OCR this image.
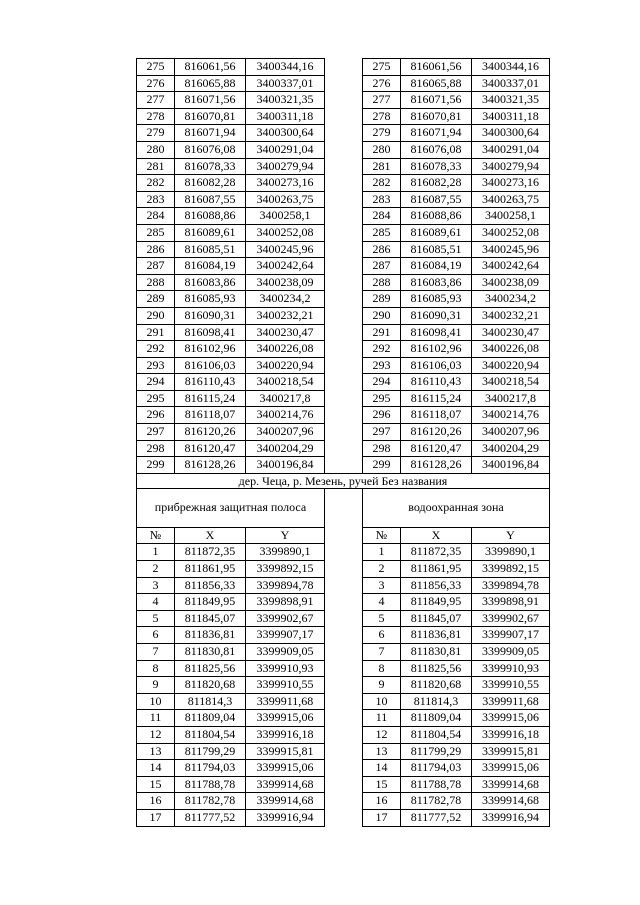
275	816061,56	3400344,16		275	816061,56	3400344,16
276	816065,88	3400337,01		276	816065,88	3400337,01
277	816071,56	3400321,35		277	816071,56	3400321,35
278	816070,81	3400311,18		278	816070,81	3400311,18
279	816071,94	3400300,64		279	816071,94	3400300,64
280	816076,08	3400291,04		280	816076,08	3400291,04
281	816078,33	3400279,94		281	816078,33	3400279,94
282	816082,28	3400273,16		282	816082,28	3400273,16
283	816087,55	3400263,75		283	816087,55	3400263,75
284	816088,86	3400258,1		284	816088,86	3400258,1
285	816089,61	3400252,08		285	816089,61	3400252,08
286	816085,51	3400245,96		286	816085,51	3400245,96
287	816084,19	3400242,64		287	816084,19	3400242,64
288	816083,86	3400238,09		288	816083,86	3400238,09
289	816085,93	3400234,2		289	816085,93	3400234,2
290	816090,31	3400232,21		290	816090,31	3400232,21
291	816098,41	3400230,47		291	816098,41	3400230,47
292	816102,96	3400226,08		292	816102,96	3400226,08
293	816106,03	3400220,94		293	816106,03	3400220,94
294	816110,43	3400218,54		294	816110,43	3400218,54
295	816115,24	3400217,8		295	816115,24	3400217,8
296	816118,07	3400214,76		296	816118,07	3400214,76
297	816120,26	3400207,96		297	816120,26	3400207,96
298	816120,47	3400204,29		298	816120,47	3400204,29
299	816128,26	3400196,84		299	816128,26	3400196,84
дер. Чеца, р. Мезень, ручей Без названия						
прибрежная защитная полоса				водоохранная зона		
№	X	Y		№	X	Y
1	811872,35	3399890,1		1	811872,35	3399890,1
2	811861,95	3399892,15		2	811861,95	3399892,15
3	811856,33	3399894,78		3	811856,33	3399894,78
4	811849,95	3399898,91		4	811849,95	3399898,91
5	811845,07	3399902,67		5	811845,07	3399902,67
6	811836,81	3399907,17		6	811836,81	3399907,17
7	811830,81	3399909,05		7	811830,81	3399909,05
8	811825,56	3399910,93		8	811825,56	3399910,93
9	811820,68	3399910,55		9	811820,68	3399910,55
10	811814,3	3399911,68		10	811814,3	3399911,68
11	811809,04	3399915,06		11	811809,04	3399915,06
12	811804,54	3399916,18		12	811804,54	3399916,18
13	811799,29	3399915,81		13	811799,29	3399915,81
14	811794,03	3399915,06		14	811794,03	3399915,06
15	811788,78	3399914,68		15	811788,78	3399914,68
16	811782,78	3399914,68		16	811782,78	3399914,68
17	811777,52	3399916,94		17	811777,52	3399916,94
